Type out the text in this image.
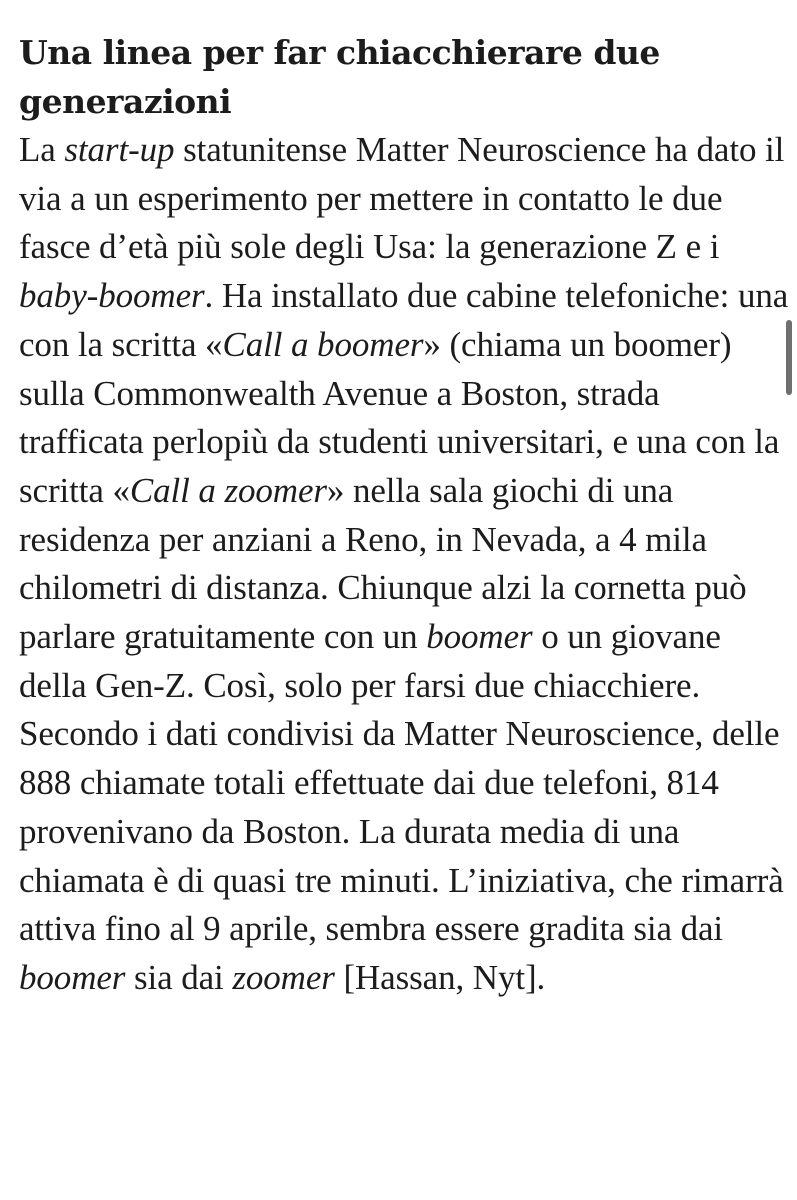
Una linea per far chiacchierare due generazioni

La start-up statunitense Matter Neuroscience ha dato il via a un esperimento per mettere in contatto le due fasce d’età più sole degli Usa: la generazione Z e i baby-boomer. Ha installato due cabine telefoniche: una con la scritta «Call a boomer» (chiama un boomer) sulla Commonwealth Avenue a Boston, strada trafficata perlopiù da studenti universitari, e una con la scritta «Call a zoomer» nella sala giochi di una residenza per anziani a Reno, in Nevada, a 4 mila chilometri di distanza. Chiunque alzi la cornetta può parlare gratuitamente con un boomer o un giovane della Gen-Z. Così, solo per farsi due chiacchiere. Secondo i dati condivisi da Matter Neuroscience, delle 888 chiamate totali effettuate dai due telefoni, 814 provenivano da Boston. La durata media di una chiamata è di quasi tre minuti. L’iniziativa, che rimarrà attiva fino al 9 aprile, sembra essere gradita sia dai boomer sia dai zoomer [Hassan, Nyt].
